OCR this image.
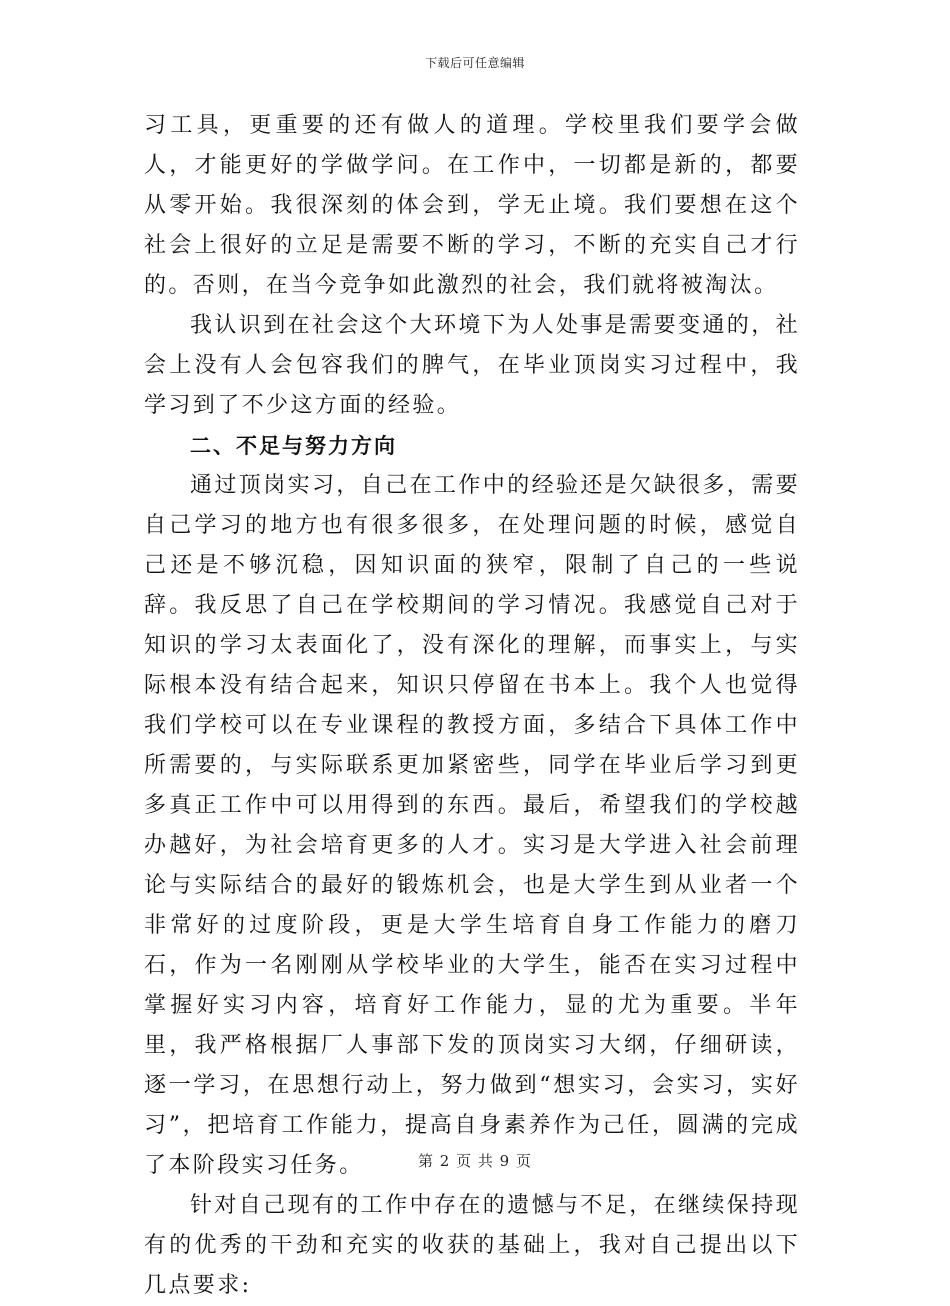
下载后可任意编辑

习工具，更重要的还有做人的道理。学校里我们要学会做人，才能更好的学做学问。在工作中，一切都是新的，都要从零开始。我很深刻的体会到，学无止境。我们要想在这个社会上很好的立足是需要不断的学习，不断的充实自己才行的。否则，在当今竞争如此激烈的社会，我们就将被淘汰。

我认识到在社会这个大环境下为人处事是需要变通的，社会上没有人会包容我们的脾气，在毕业顶岗实习过程中，我学习到了不少这方面的经验。

二、不足与努力方向

通过顶岗实习，自己在工作中的经验还是欠缺很多，需要自己学习的地方也有很多很多，在处理问题的时候，感觉自己还是不够沉稳，因知识面的狭窄，限制了自己的一些说辞。我反思了自己在学校期间的学习情况。我感觉自己对于知识的学习太表面化了，没有深化的理解，而事实上，与实际根本没有结合起来，知识只停留在书本上。我个人也觉得我们学校可以在专业课程的教授方面，多结合下具体工作中所需要的，与实际联系更加紧密些，同学在毕业后学习到更多真正工作中可以用得到的东西。最后，希望我们的学校越办越好，为社会培育更多的人才。实习是大学进入社会前理论与实际结合的最好的锻炼机会，也是大学生到从业者一个非常好的过度阶段，更是大学生培育自身工作能力的磨刀石，作为一名刚刚从学校毕业的大学生，能否在实习过程中掌握好实习内容，培育好工作能力，显的尤为重要。半年里，我严格根据厂人事部下发的顶岗实习大纲，仔细研读，逐一学习，在思想行动上，努力做到“想实习，会实习，实好习”，把培育工作能力，提高自身素养作为己任，圆满的完成了本阶段实习任务。

针对自己现有的工作中存在的遗憾与不足，在继续保持现有的优秀的干劲和充实的收获的基础上，我对自己提出以下几点要求:

第 2 页 共 9 页
